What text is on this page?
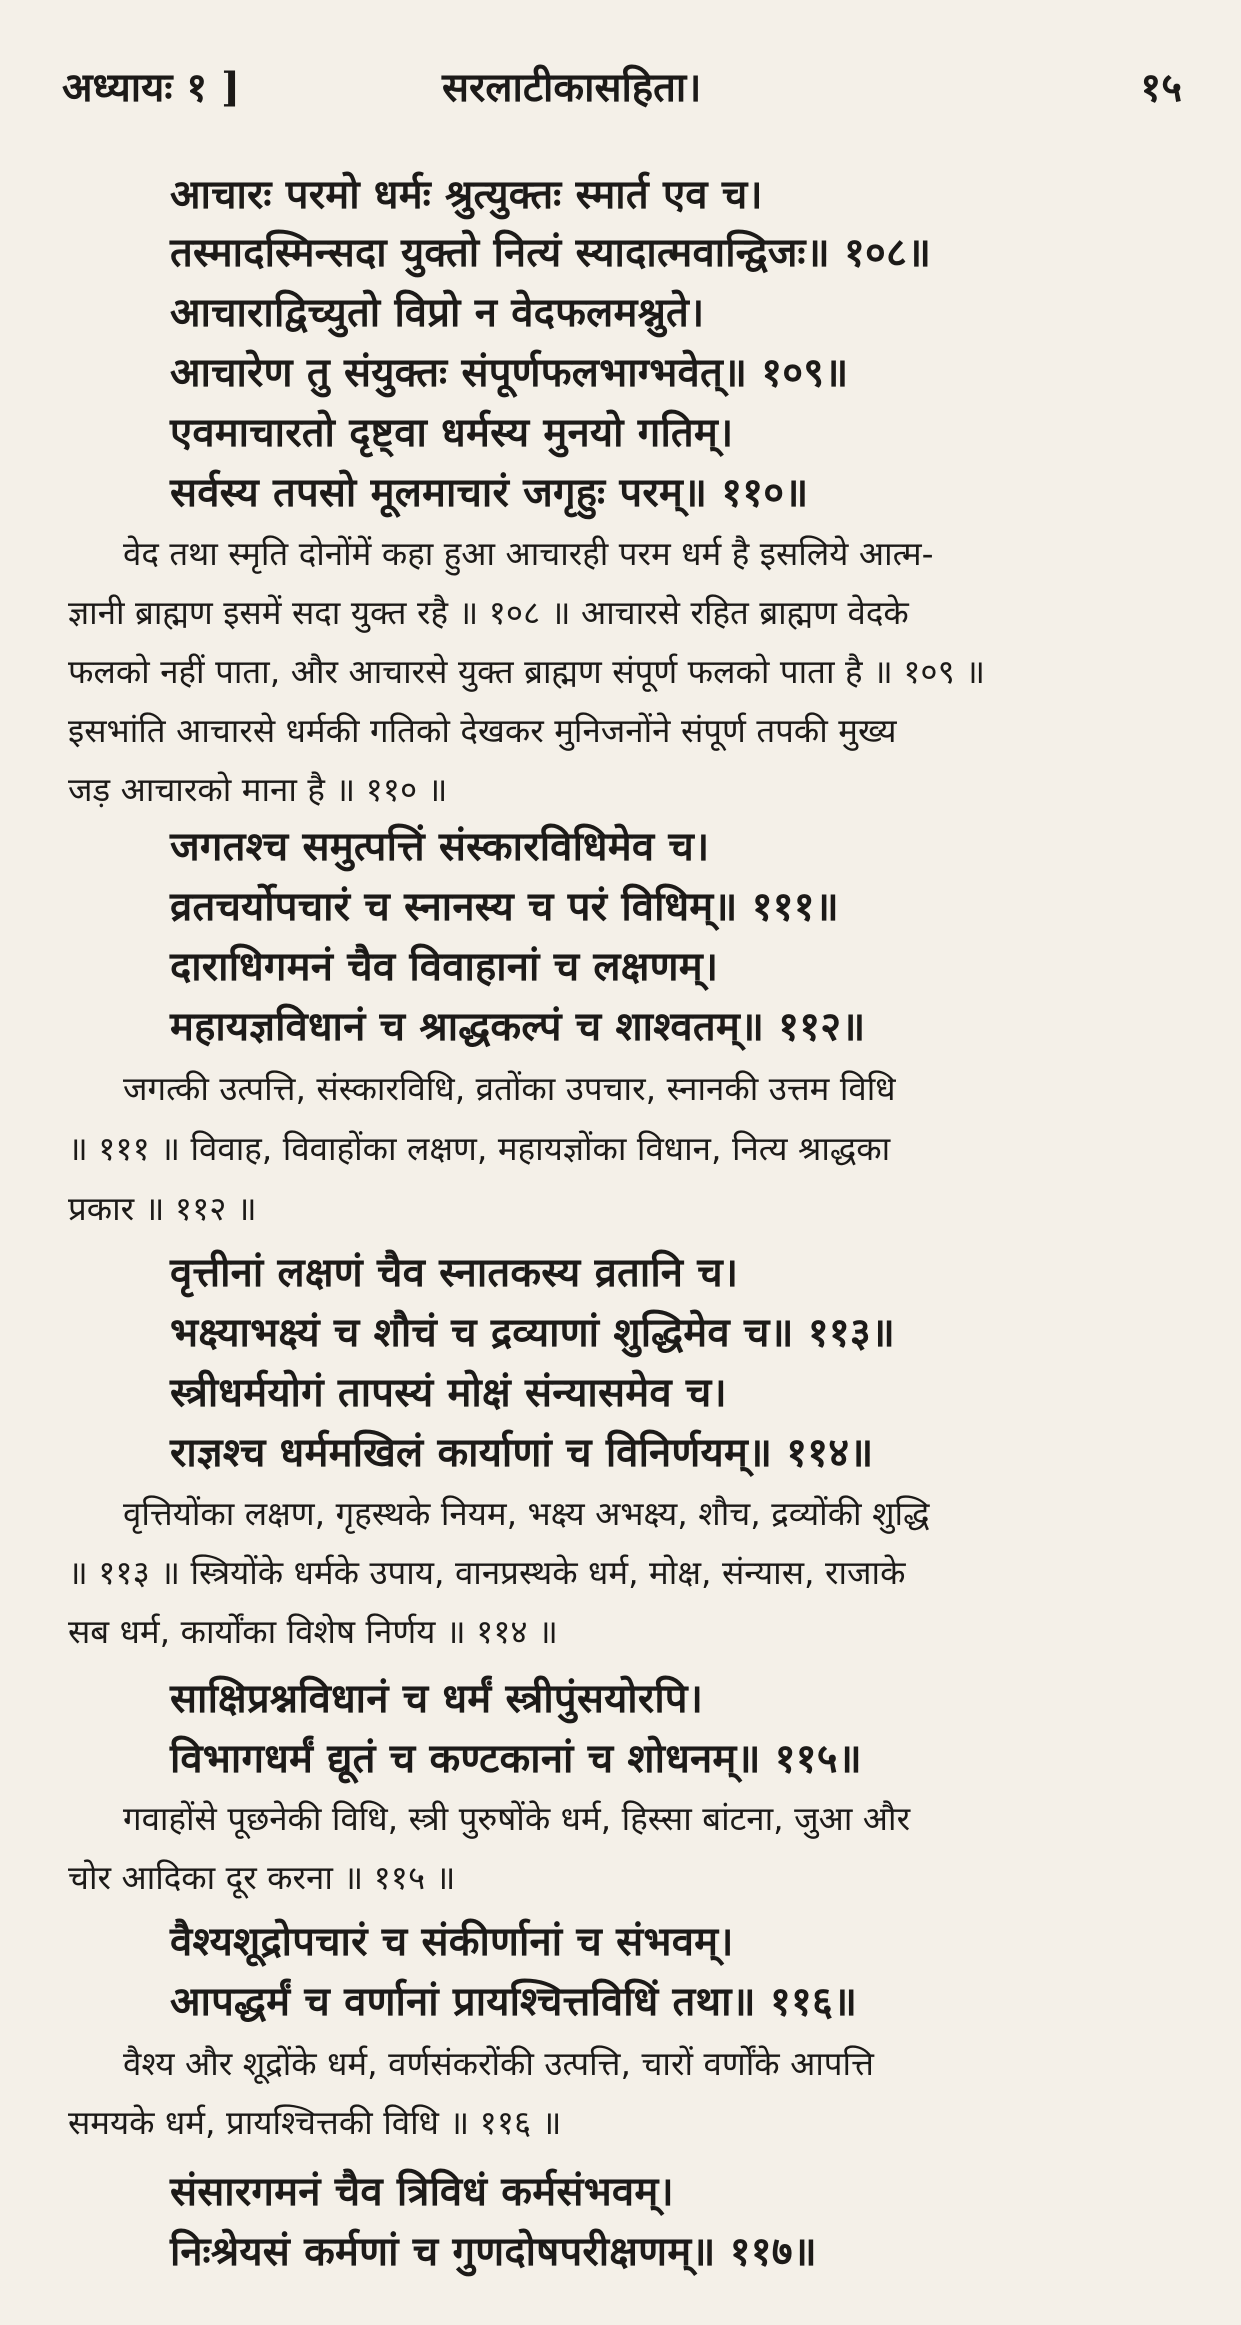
अध्यायः १ ]	सरलाटीकासहिता।	१५
आचारः परमो धर्मः श्रुत्युक्तः स्मार्त एव च।
तस्मादस्मिन्सदा युक्तो नित्यं स्यादात्मवान्द्विजः॥ १०८॥
आचाराद्विच्युतो विप्रो न वेदफलमश्नुते।
आचारेण तु संयुक्तः संपूर्णफलभाग्भवेत्॥ १०९॥
एवमाचारतो दृष्ट्वा धर्मस्य मुनयो गतिम्।
सर्वस्य तपसो मूलमाचारं जगृहुः परम्॥ ११०॥
वेद तथा स्मृति दोनोंमें कहा हुआ आचारही परम धर्म है इसलिये आत्म-
ज्ञानी ब्राह्मण इसमें सदा युक्त रहै ॥ १०८ ॥ आचारसे रहित ब्राह्मण वेदके
फलको नहीं पाता, और आचारसे युक्त ब्राह्मण संपूर्ण फलको पाता है ॥ १०९ ॥
इसभांति आचारसे धर्मकी गतिको देखकर मुनिजनोंने संपूर्ण तपकी मुख्य
जड़ आचारको माना है ॥ ११० ॥
जगतश्च समुत्पत्तिं संस्कारविधिमेव च।
व्रतचर्योपचारं च स्नानस्य च परं विधिम्॥ १११॥
दाराधिगमनं चैव विवाहानां च लक्षणम्।
महायज्ञविधानं च श्राद्धकल्पं च शाश्वतम्॥ ११२॥
जगत्की उत्पत्ति, संस्कारविधि, व्रतोंका उपचार, स्नानकी उत्तम विधि
॥ १११ ॥ विवाह, विवाहोंका लक्षण, महायज्ञोंका विधान, नित्य श्राद्धका
प्रकार ॥ ११२ ॥
वृत्तीनां लक्षणं चैव स्नातकस्य व्रतानि च।
भक्ष्याभक्ष्यं च शौचं च द्रव्याणां शुद्धिमेव च॥ ११३॥
स्त्रीधर्मयोगं तापस्यं मोक्षं संन्यासमेव च।
राज्ञश्च धर्ममखिलं कार्याणां च विनिर्णयम्॥ ११४॥
वृत्तियोंका लक्षण, गृहस्थके नियम, भक्ष्य अभक्ष्य, शौच, द्रव्योंकी शुद्धि
॥ ११३ ॥ स्त्रियोंके धर्मके उपाय, वानप्रस्थके धर्म, मोक्ष, संन्यास, राजाके
सब धर्म, कार्योंका विशेष निर्णय ॥ ११४ ॥
साक्षिप्रश्नविधानं च धर्मं स्त्रीपुंसयोरपि।
विभागधर्मं द्यूतं च कण्टकानां च शोधनम्॥ ११५॥
गवाहोंसे पूछनेकी विधि, स्त्री पुरुषोंके धर्म, हिस्सा बांटना, जुआ और
चोर आदिका दूर करना ॥ ११५ ॥
वैश्यशूद्रोपचारं च संकीर्णानां च संभवम्।
आपद्धर्मं च वर्णानां प्रायश्चित्तविधिं तथा॥ ११६॥
वैश्य और शूद्रोंके धर्म, वर्णसंकरोंकी उत्पत्ति, चारों वर्णोंके आपत्ति
समयके धर्म, प्रायश्चित्तकी विधि ॥ ११६ ॥
संसारगमनं चैव त्रिविधं कर्मसंभवम्।
निःश्रेयसं कर्मणां च गुणदोषपरीक्षणम्॥ ११७॥
